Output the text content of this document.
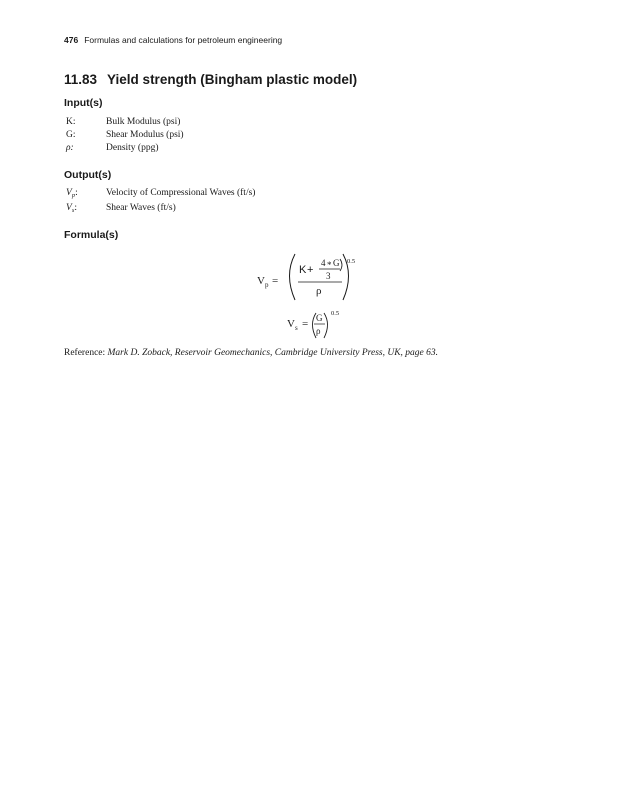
476 Formulas and calculations for petroleum engineering
11.83 Yield strength (Bingham plastic model)
Input(s)
K:	Bulk Modulus (psi)
G:	Shear Modulus (psi)
ρ:	Density (ppg)
Output(s)
$V_p$:	Velocity of Compressional Waves (ft/s)
$V_s$:	Shear Waves (ft/s)
Formula(s)
V p =
K +
4 * G
3
ρ
0.5
V s = G
ρ
0.5
Reference: Mark D. Zoback, Reservoir Geomechanics, Cambridge University Press, UK, page 63.
